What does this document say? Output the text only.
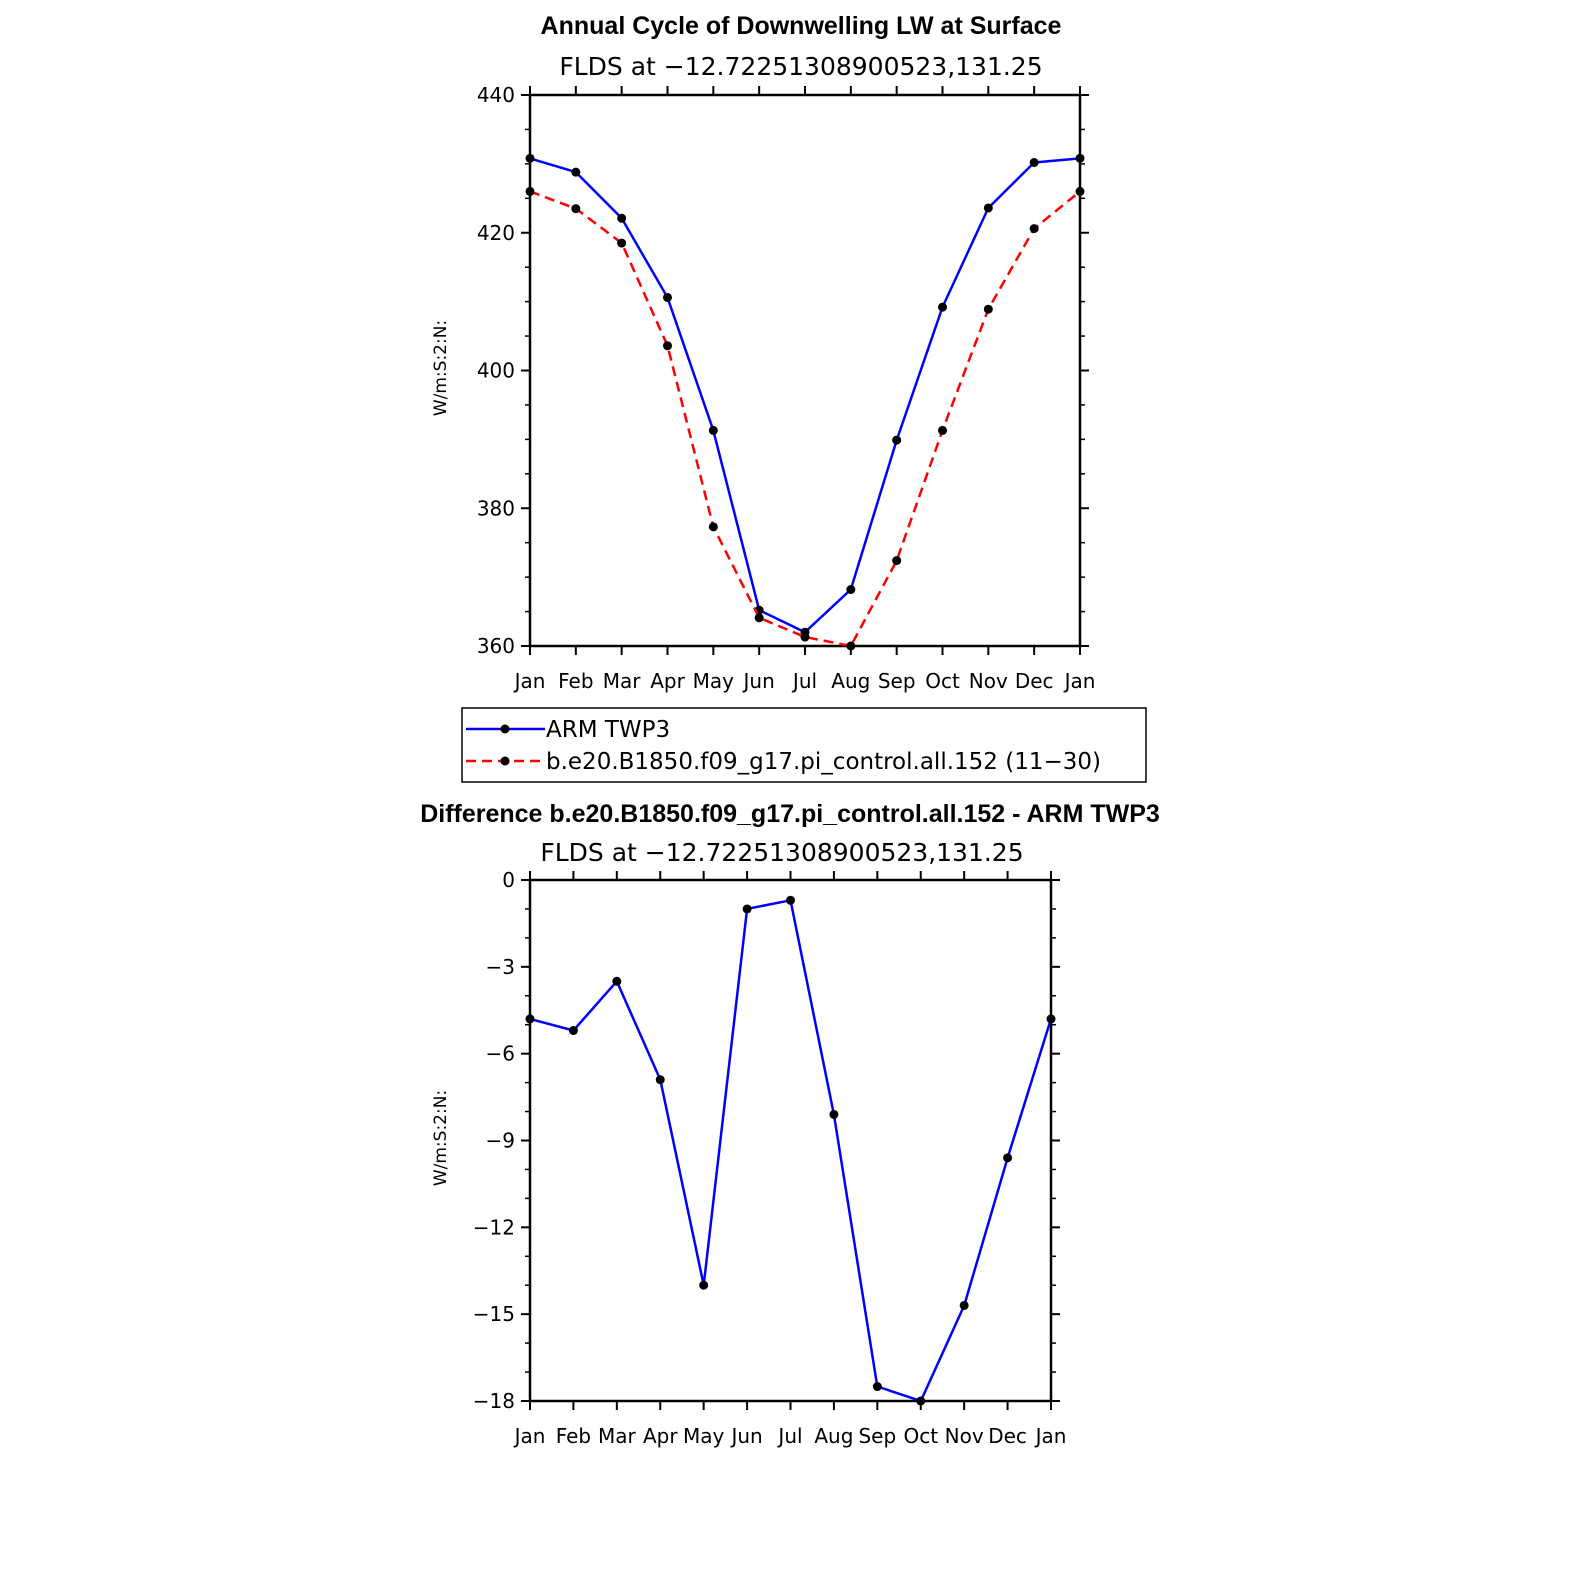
Annual Cycle of Downwelling LW at Surface
FLDS at −12.72251308900523,131.25
W/m:S:2:N:
Jan Feb Mar Apr May Jun Jul Aug Sep Oct Nov Dec Jan
360
380
400
420
440
ARM TWP3
b.e20.B1850.f09_g17.pi_control.all.152 (11−30)
Difference b.e20.B1850.f09_g17.pi_control.all.152 - ARM TWP3
FLDS at −12.72251308900523,131.25
W/m:S:2:N:
Jan Feb Mar Apr May Jun Jul Aug Sep Oct Nov Dec Jan
−18
−15
−12
−9
−6
−3
0
